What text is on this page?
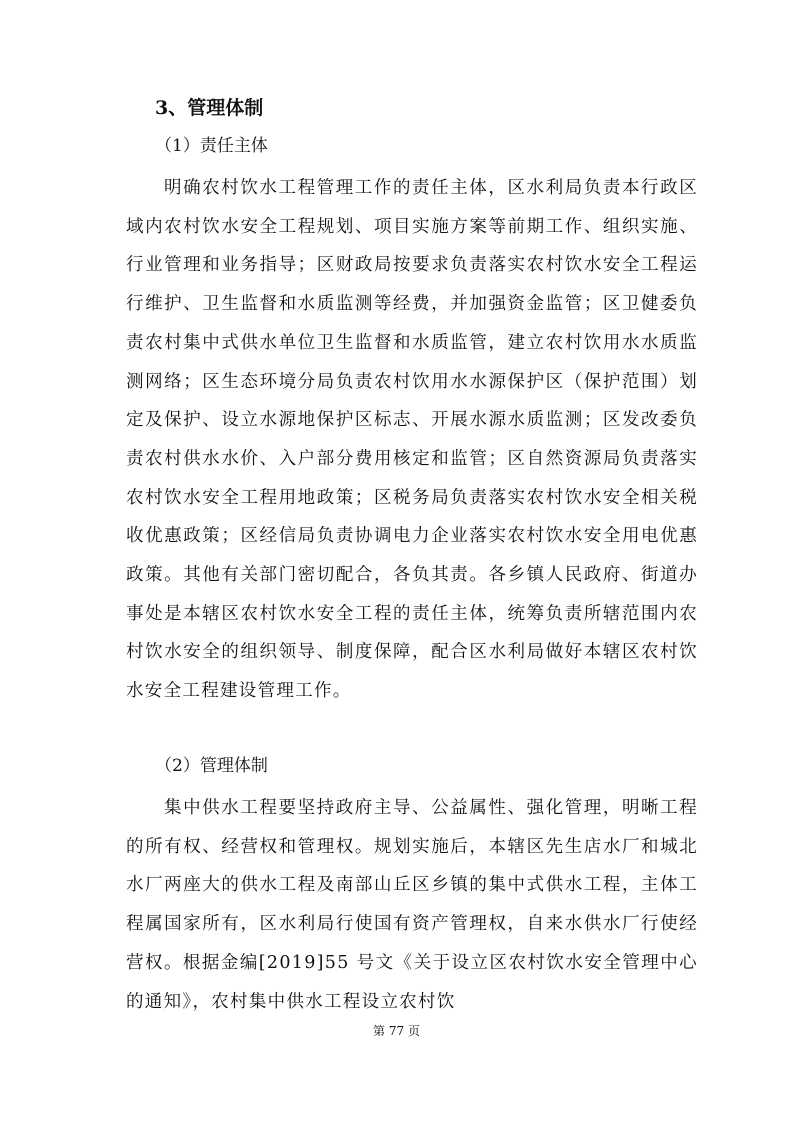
3、管理体制
（1）责任主体

明确农村饮水工程管理工作的责任主体，区水利局负责本行政区域内农村饮水安全工程规划、项目实施方案等前期工作、组织实施、行业管理和业务指导；区财政局按要求负责落实农村饮水安全工程运行维护、卫生监督和水质监测等经费，并加强资金监管；区卫健委负责农村集中式供水单位卫生监督和水质监管，建立农村饮用水水质监测网络；区生态环境分局负责农村饮用水水源保护区（保护范围）划定及保护、设立水源地保护区标志、开展水源水质监测；区发改委负责农村供水水价、入户部分费用核定和监管；区自然资源局负责落实农村饮水安全工程用地政策；区税务局负责落实农村饮水安全相关税收优惠政策；区经信局负责协调电力企业落实农村饮水安全用电优惠政策。其他有关部门密切配合，各负其责。各乡镇人民政府、街道办事处是本辖区农村饮水安全工程的责任主体，统筹负责所辖范围内农村饮水安全的组织领导、制度保障，配合区水利局做好本辖区农村饮水安全工程建设管理工作。

（2）管理体制

集中供水工程要坚持政府主导、公益属性、强化管理，明晰工程的所有权、经营权和管理权。规划实施后，本辖区先生店水厂和城北水厂两座大的供水工程及南部山丘区乡镇的集中式供水工程，主体工程属国家所有，区水利局行使国有资产管理权，自来水供水厂行使经营权。根据金编[2019]55 号文《关于设立区农村饮水安全管理中心的通知》，农村集中供水工程设立农村饮

第 77 页
